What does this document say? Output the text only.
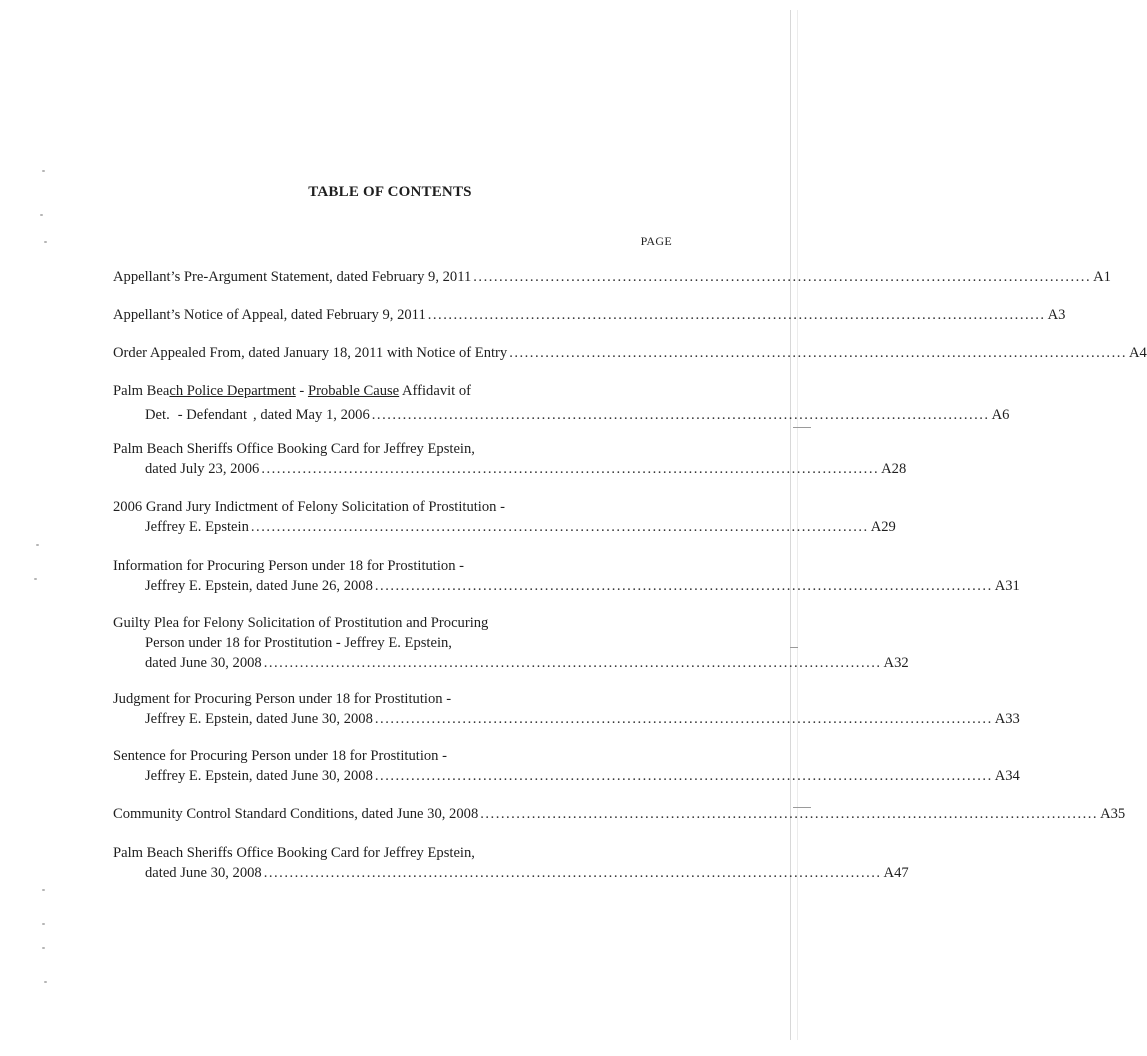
TABLE OF CONTENTS
PAGE
Appellant’s Pre-Argument Statement, dated February 9, 2011 ........................................................................................................................ A1
Appellant’s Notice of Appeal, dated February 9, 2011 ........................................................................................................................ A3
Order Appealed From, dated January 18, 2011 with Notice of Entry ........................................................................................................................ A4
Palm Beach Police Department - Probable Cause Affidavit of
Det. - Defendant , dated May 1, 2006 ........................................................................................................................ A6
Palm Beach Sheriffs Office Booking Card for Jeffrey Epstein,
dated July 23, 2006 ........................................................................................................................ A28
2006 Grand Jury Indictment of Felony Solicitation of Prostitution -
Jeffrey E. Epstein ........................................................................................................................ A29
Information for Procuring Person under 18 for Prostitution -
Jeffrey E. Epstein, dated June 26, 2008 ........................................................................................................................ A31
Guilty Plea for Felony Solicitation of Prostitution and Procuring
Person under 18 for Prostitution - Jeffrey E. Epstein,
dated June 30, 2008 ........................................................................................................................ A32
Judgment for Procuring Person under 18 for Prostitution -
Jeffrey E. Epstein, dated June 30, 2008 ........................................................................................................................ A33
Sentence for Procuring Person under 18 for Prostitution -
Jeffrey E. Epstein, dated June 30, 2008 ........................................................................................................................ A34
Community Control Standard Conditions, dated June 30, 2008 ........................................................................................................................ A35
Palm Beach Sheriffs Office Booking Card for Jeffrey Epstein,
dated June 30, 2008 ........................................................................................................................ A47
